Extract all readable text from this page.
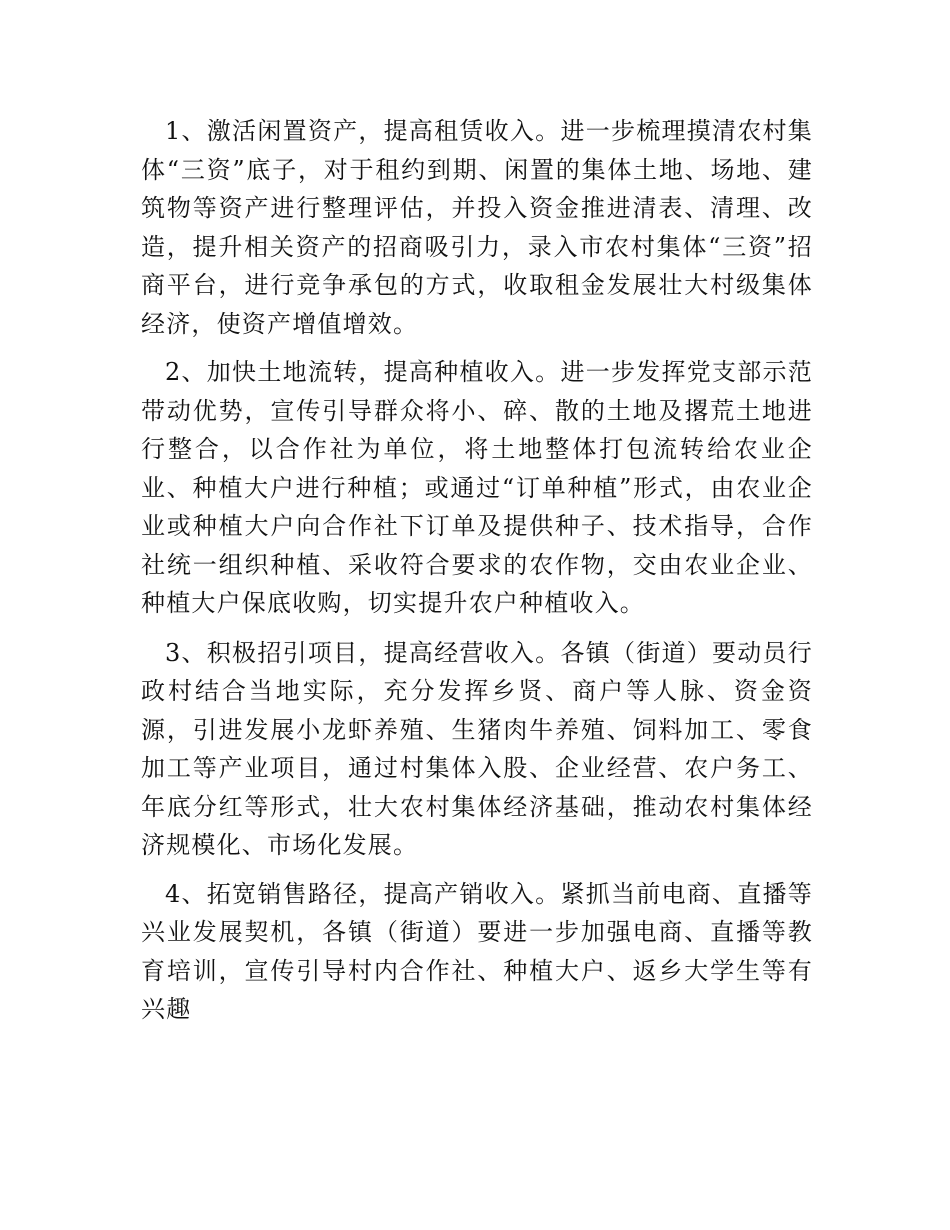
1、激活闲置资产，提高租赁收入。进一步梳理摸清农村集体“三资”底子，对于租约到期、闲置的集体土地、场地、建筑物等资产进行整理评估，并投入资金推进清表、清理、改造，提升相关资产的招商吸引力，录入市农村集体“三资”招商平台，进行竞争承包的方式，收取租金发展壮大村级集体经济，使资产增值增效。

2、加快土地流转，提高种植收入。进一步发挥党支部示范带动优势，宣传引导群众将小、碎、散的土地及撂荒土地进行整合，以合作社为单位，将土地整体打包流转给农业企业、种植大户进行种植；或通过“订单种植”形式，由农业企业或种植大户向合作社下订单及提供种子、技术指导，合作社统一组织种植、采收符合要求的农作物，交由农业企业、种植大户保底收购，切实提升农户种植收入。

3、积极招引项目，提高经营收入。各镇（街道）要动员行政村结合当地实际，充分发挥乡贤、商户等人脉、资金资源，引进发展小龙虾养殖、生猪肉牛养殖、饲料加工、零食加工等产业项目，通过村集体入股、企业经营、农户务工、年底分红等形式，壮大农村集体经济基础，推动农村集体经济规模化、市场化发展。

4、拓宽销售路径，提高产销收入。紧抓当前电商、直播等兴业发展契机，各镇（街道）要进一步加强电商、直播等教育培训，宣传引导村内合作社、种植大户、返乡大学生等有兴趣
